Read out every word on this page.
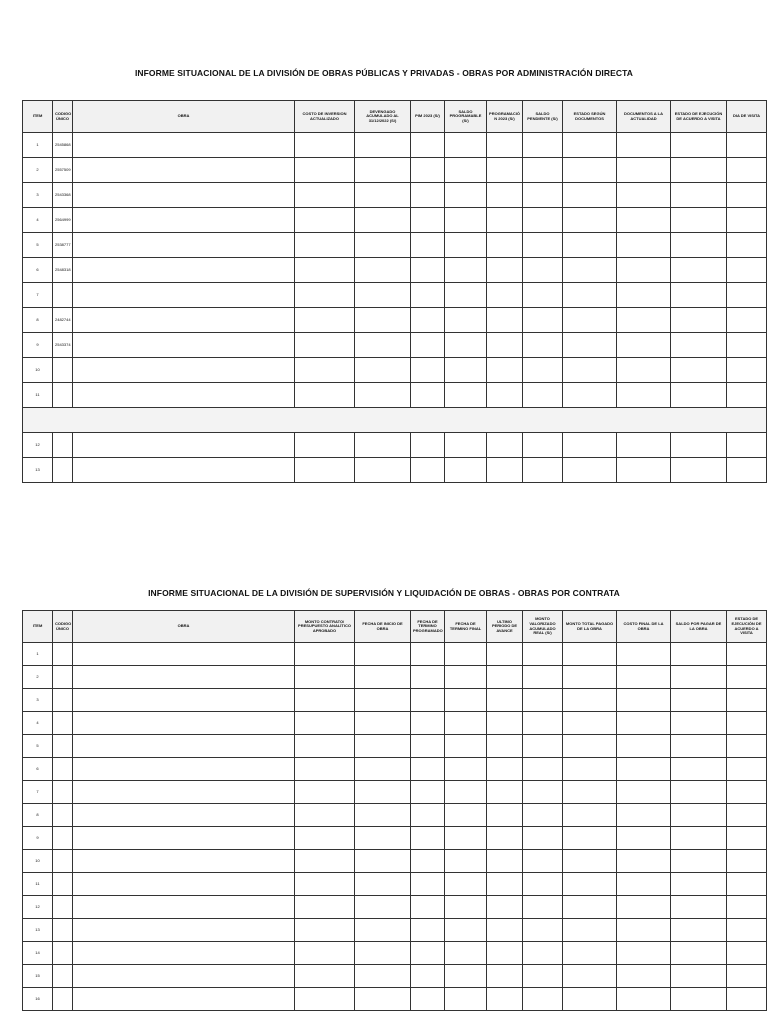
INFORME SITUACIONAL DE LA DIVISIÓN DE OBRAS PÚBLICAS Y PRIVADAS - OBRAS POR ADMINISTRACIÓN DIRECTA
ITEM	CODIGO ÚNICO	OBRA	COSTO DE INVERSION ACTUALIZADO	DEVENGADO ACUMULADO AL 31/12/2022 (S/)	PIM 2023 (S/)	SALDO PROGRAMABLE (S/)	PROGRAMACIÓ N 2023 (S/)	SALDO PENDIENTE (S/)	ESTADO SEGÚN DOCUMENTOS	DOCUMENTOS A LA ACTUALIDAD	ESTADO DE EJECUCIÓN DE ACUERDO A VISITA	DIA DE VISITA
1	2545868											
2	2557509											
3	2543368											
4	2564999											
5	2538777											
6	2548318											
7												
8	2482744											
9	2543374											
10												
11												

12												
13												
INFORME SITUACIONAL DE LA DIVISIÓN DE SUPERVISIÓN Y LIQUIDACIÓN DE OBRAS - OBRAS POR CONTRATA
ITEM	CODIGO ÚNICO	OBRA	MONTO CONTRATO/ PRESUPUESTO ANALÍTICO APROBADO	FECHA DE INICIO DE OBRA	FECHA DE TERMINO PROGRAMADO	FECHA DE TERMINO FINAL	ULTIMO PERIODO DE AVANCE	MONTO VALORIZADO ACUMULADO REAL (S/)	MONTO TOTAL PAGADO DE LA OBRA	COSTO FINAL DE LA OBRA	SALDO POR PAGAR DE LA OBRA	ESTADO DE EJECUCIÓN DE ACUERDO A VISITA
1												
2												
3												
4												
5												
6												
7												
8												
9												
10												
11												
12												
13												
14												
15												
16												
